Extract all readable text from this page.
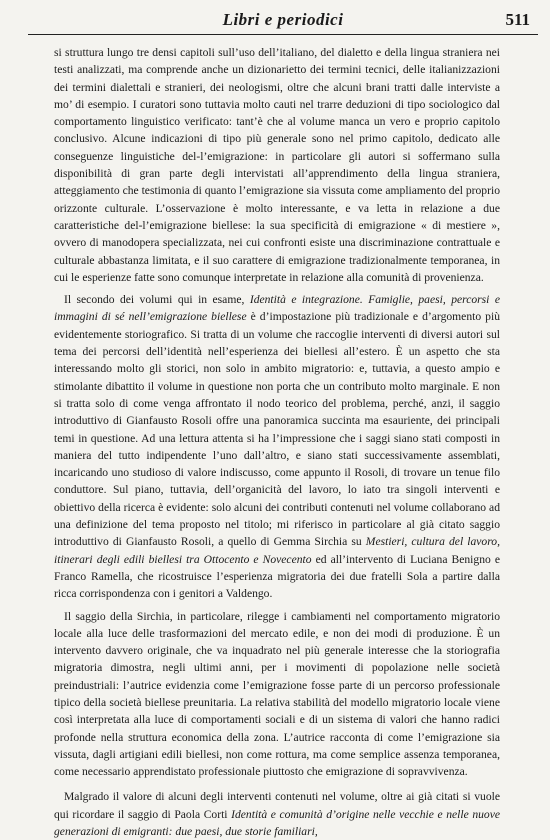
Libri e periodici	511

si struttura lungo tre densi capitoli sull’uso dell’italiano, del dialetto e della lingua straniera nei testi analizzati, ma comprende anche un dizionarietto dei termini tecnici, delle italianizzazioni dei termini dialettali e stranieri, dei neologismi, oltre che alcuni brani tratti dalle interviste a mo’ di esempio. I curatori sono tuttavia molto cauti nel trarre deduzioni di tipo sociologico dal comportamento linguistico verificato: tant’è che al volume manca un vero e proprio capitolo conclusivo. Alcune indicazioni di tipo più generale sono nel primo capitolo, dedicato alle conseguenze linguistiche del-l’emigrazione: in particolare gli autori si soffermano sulla disponibilità di gran parte degli intervistati all’apprendimento della lingua straniera, atteggiamento che testimonia di quanto l’emigrazione sia vissuta come ampliamento del proprio orizzonte culturale. L’osservazione è molto interessante, e va letta in relazione a due caratteristiche del-l’emigrazione biellese: la sua specificità di emigrazione « di mestiere », ovvero di manodopera specializzata, nei cui confronti esiste una discriminazione contrattuale e culturale abbastanza limitata, e il suo carattere di emigrazione tradizionalmente temporanea, in cui le esperienze fatte sono comunque interpretate in relazione alla comunità di provenienza.

Il secondo dei volumi qui in esame, Identità e integrazione. Famiglie, paesi, percorsi e immagini di sé nell’emigrazione biellese è d’impostazione più tradizionale e d’argomento più evidentemente storiografico. Si tratta di un volume che raccoglie interventi di diversi autori sul tema dei percorsi dell’identità nell’esperienza dei biellesi all’estero. È un aspetto che sta interessando molto gli storici, non solo in ambito migratorio: e, tuttavia, a questo ampio e stimolante dibattito il volume in questione non porta che un contributo molto marginale. E non si tratta solo di come venga affrontato il nodo teorico del problema, perché, anzi, il saggio introduttivo di Gianfausto Rosoli offre una panoramica succinta ma esauriente, dei principali temi in questione. Ad una lettura attenta si ha l’impressione che i saggi siano stati composti in maniera del tutto indipendente l’uno dall’altro, e siano stati successivamente assemblati, incaricando uno studioso di valore indiscusso, come appunto il Rosoli, di trovare un tenue filo conduttore. Sul piano, tuttavia, dell’organicità del lavoro, lo iato tra singoli interventi e obiettivo della ricerca è evidente: solo alcuni dei contributi contenuti nel volume collaborano ad una definizione del tema proposto nel titolo; mi riferisco in particolare al già citato saggio introduttivo di Gianfausto Rosoli, a quello di Gemma Sirchia su Mestieri, cultura del lavoro, itinerari degli edili biellesi tra Ottocento e Novecento ed all’intervento di Luciana Benigno e Franco Ramella, che ricostruisce l’esperienza migratoria dei due fratelli Sola a partire dalla ricca corrispondenza con i genitori a Valdengo.

Il saggio della Sirchia, in particolare, rilegge i cambiamenti nel comportamento migratorio locale alla luce delle trasformazioni del mercato edile, e non dei modi di produzione. È un intervento davvero originale, che va inquadrato nel più generale interesse che la storiografia migratoria dimostra, negli ultimi anni, per i movimenti di popolazione nelle società preindustriali: l’autrice evidenzia come l’emigrazione fosse parte di un percorso professionale tipico della società biellese preunitaria. La relativa stabilità del modello migratorio locale viene così interpretata alla luce di comportamenti sociali e di un sistema di valori che hanno radici profonde nella struttura economica della zona. L’autrice racconta di come l’emigrazione sia vissuta, dagli artigiani edili biellesi, non come rottura, ma come semplice assenza temporanea, come necessario apprendistato professionale piuttosto che emigrazione di sopravvivenza.

Malgrado il valore di alcuni degli interventi contenuti nel volume, oltre ai già citati si vuole qui ricordare il saggio di Paola Corti Identità e comunità d’origine nelle vecchie e nelle nuove generazioni di emigranti: due paesi, due storie familiari,
